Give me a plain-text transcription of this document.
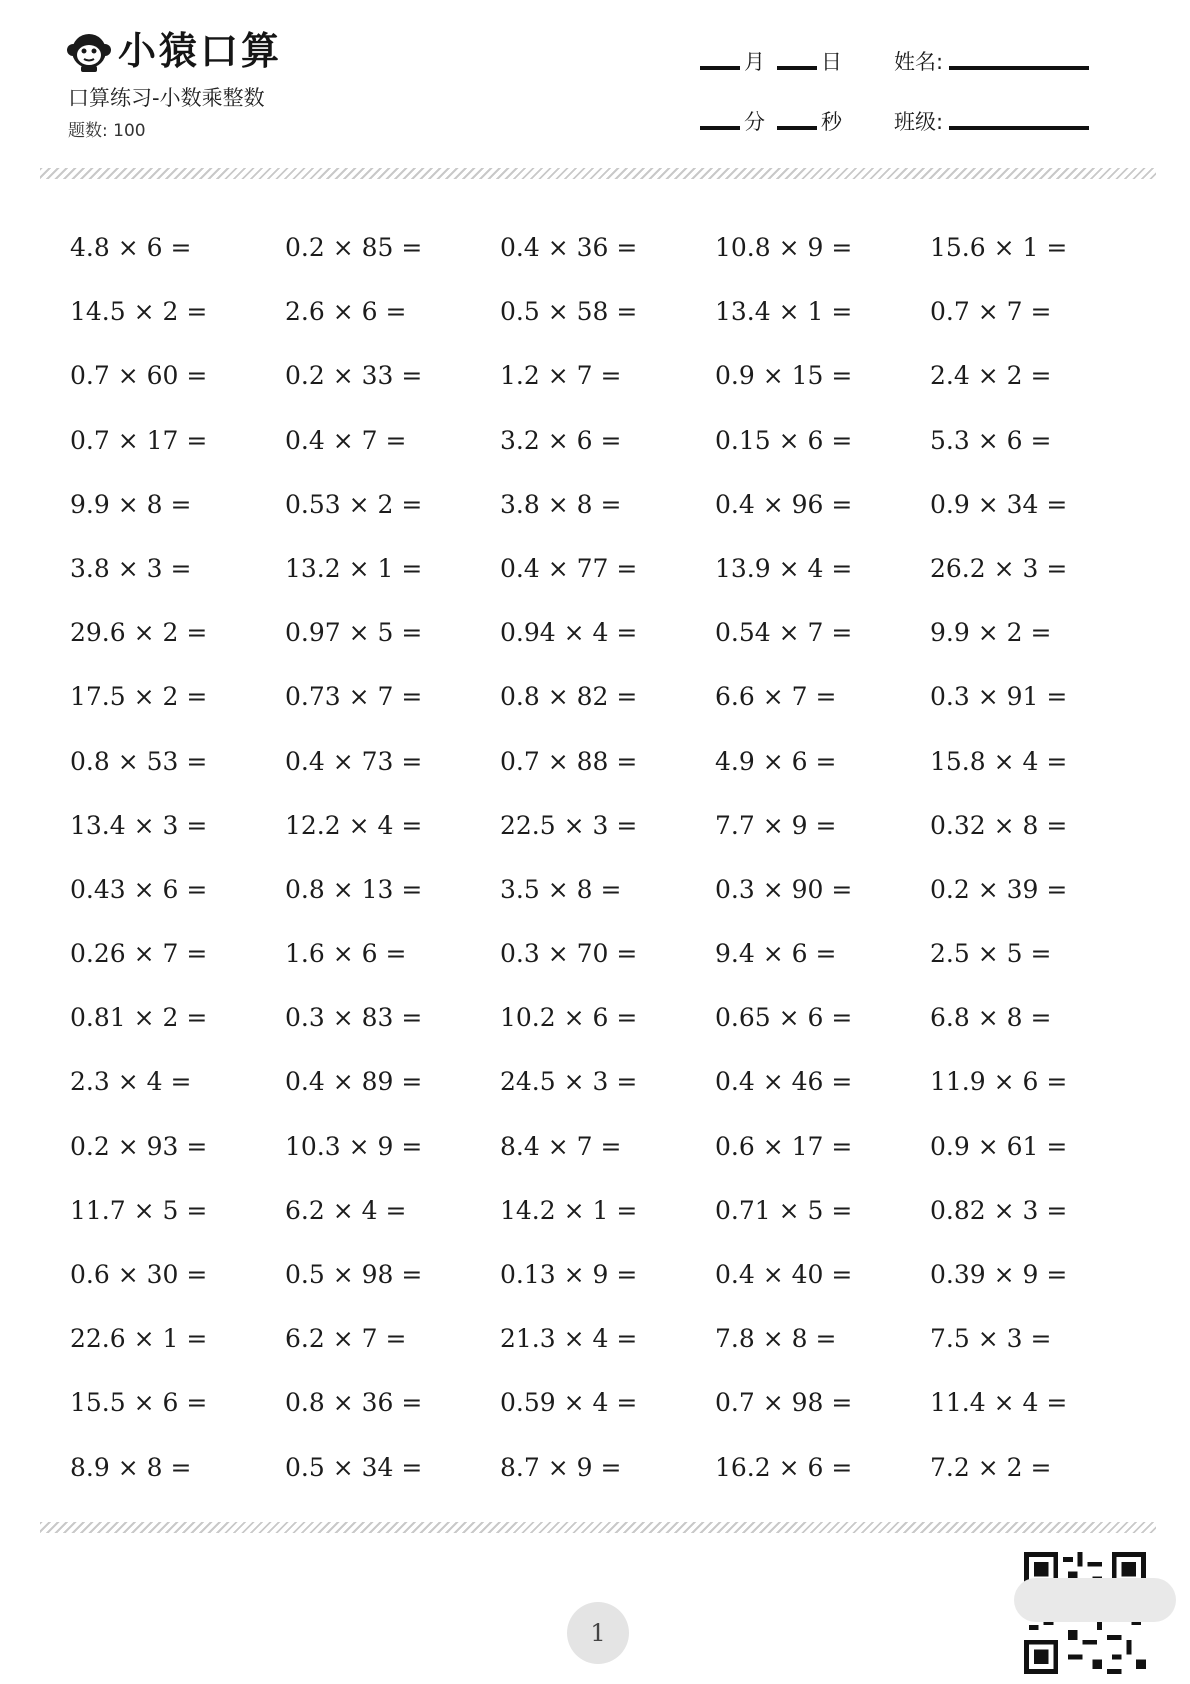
小猿口算
口算练习-小数乘整数
题数: 100
月	日
分	秒
姓名:
班级:
4.8 × 6 =	0.2 × 85 =	0.4 × 36 =	10.8 × 9 =	15.6 × 1 =
14.5 × 2 =	2.6 × 6 =	0.5 × 58 =	13.4 × 1 =	0.7 × 7 =
0.7 × 60 =	0.2 × 33 =	1.2 × 7 =	0.9 × 15 =	2.4 × 2 =
0.7 × 17 =	0.4 × 7 =	3.2 × 6 =	0.15 × 6 =	5.3 × 6 =
9.9 × 8 =	0.53 × 2 =	3.8 × 8 =	0.4 × 96 =	0.9 × 34 =
3.8 × 3 =	13.2 × 1 =	0.4 × 77 =	13.9 × 4 =	26.2 × 3 =
29.6 × 2 =	0.97 × 5 =	0.94 × 4 =	0.54 × 7 =	9.9 × 2 =
17.5 × 2 =	0.73 × 7 =	0.8 × 82 =	6.6 × 7 =	0.3 × 91 =
0.8 × 53 =	0.4 × 73 =	0.7 × 88 =	4.9 × 6 =	15.8 × 4 =
13.4 × 3 =	12.2 × 4 =	22.5 × 3 =	7.7 × 9 =	0.32 × 8 =
0.43 × 6 =	0.8 × 13 =	3.5 × 8 =	0.3 × 90 =	0.2 × 39 =
0.26 × 7 =	1.6 × 6 =	0.3 × 70 =	9.4 × 6 =	2.5 × 5 =
0.81 × 2 =	0.3 × 83 =	10.2 × 6 =	0.65 × 6 =	6.8 × 8 =
2.3 × 4 =	0.4 × 89 =	24.5 × 3 =	0.4 × 46 =	11.9 × 6 =
0.2 × 93 =	10.3 × 9 =	8.4 × 7 =	0.6 × 17 =	0.9 × 61 =
11.7 × 5 =	6.2 × 4 =	14.2 × 1 =	0.71 × 5 =	0.82 × 3 =
0.6 × 30 =	0.5 × 98 =	0.13 × 9 =	0.4 × 40 =	0.39 × 9 =
22.6 × 1 =	6.2 × 7 =	21.3 × 4 =	7.8 × 8 =	7.5 × 3 =
15.5 × 6 =	0.8 × 36 =	0.59 × 4 =	0.7 × 98 =	11.4 × 4 =
8.9 × 8 =	0.5 × 34 =	8.7 × 9 =	16.2 × 6 =	7.2 × 2 =
1
